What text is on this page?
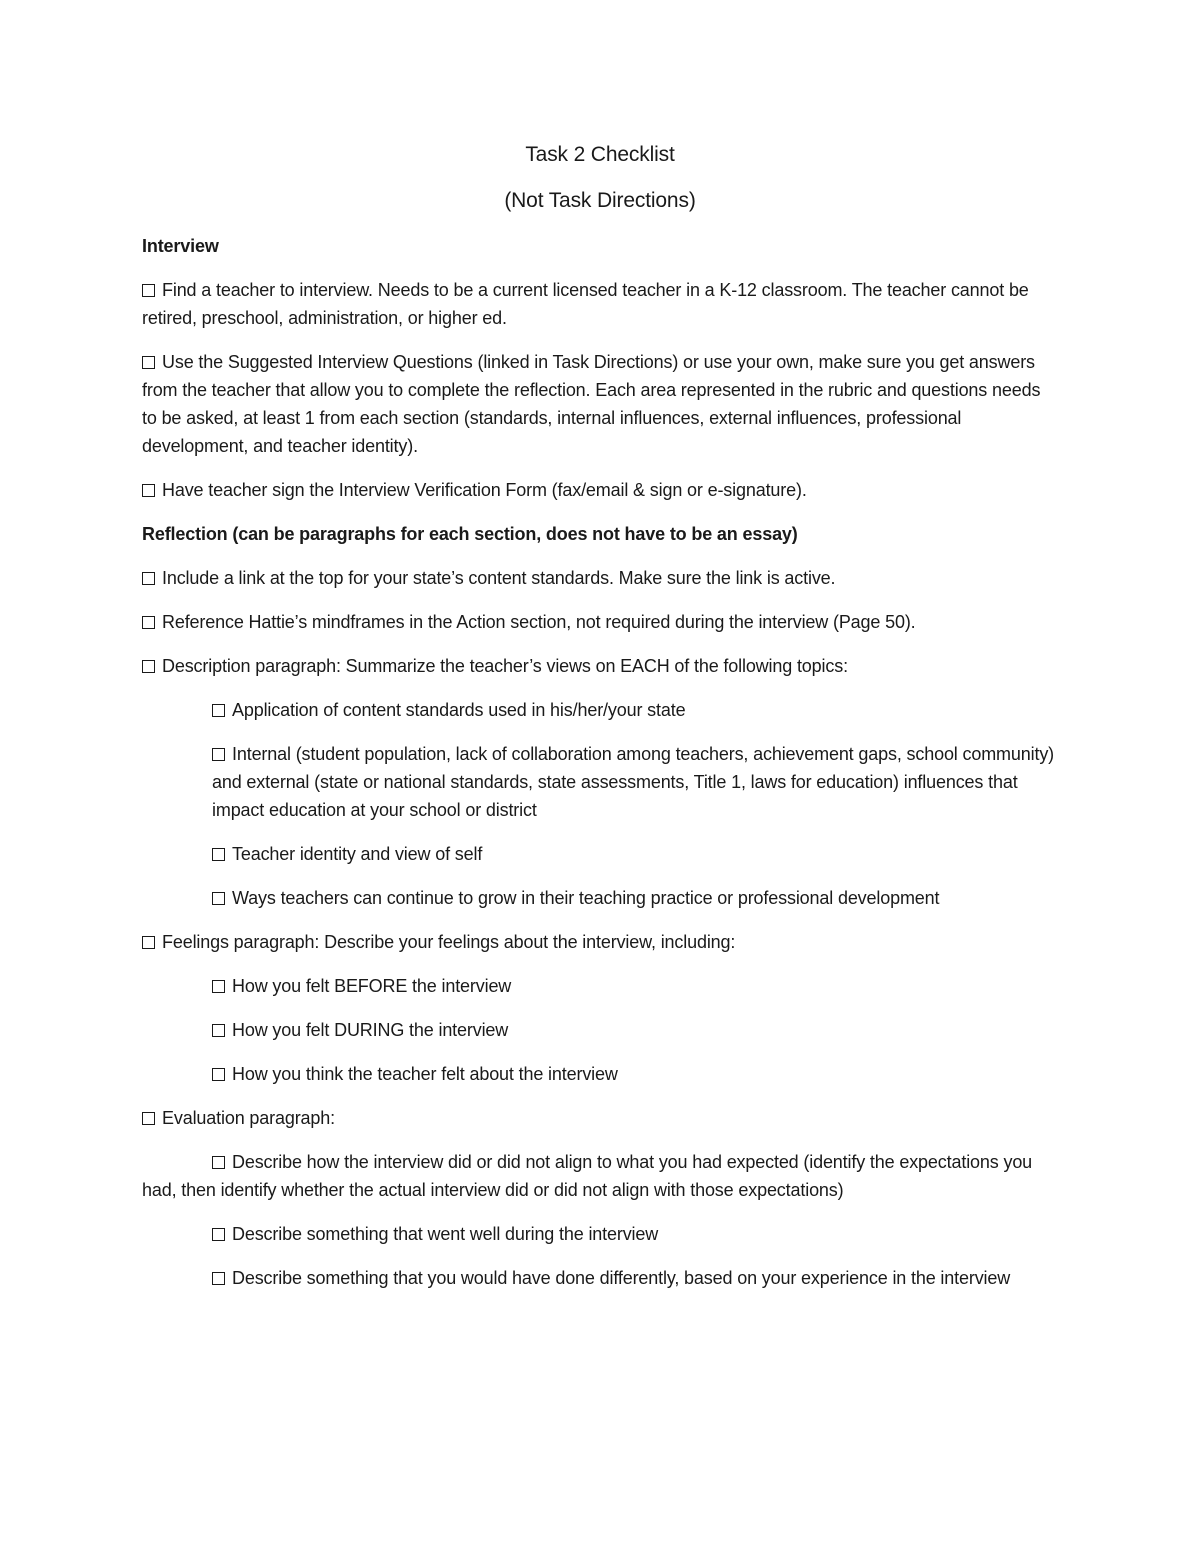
Task 2 Checklist
(Not Task Directions)
Interview
Find a teacher to interview. Needs to be a current licensed teacher in a K-12 classroom. The teacher cannot be retired, preschool, administration, or higher ed.
Use the Suggested Interview Questions (linked in Task Directions) or use your own, make sure you get answers from the teacher that allow you to complete the reflection. Each area represented in the rubric and questions needs to be asked, at least 1 from each section (standards, internal influences, external influences, professional development, and teacher identity).
Have teacher sign the Interview Verification Form (fax/email & sign or e-signature).
Reflection (can be paragraphs for each section, does not have to be an essay)
Include a link at the top for your state’s content standards. Make sure the link is active.
Reference Hattie’s mindframes in the Action section, not required during the interview (Page 50).
Description paragraph: Summarize the teacher’s views on EACH of the following topics:
Application of content standards used in his/her/your state
Internal (student population, lack of collaboration among teachers, achievement gaps, school community) and external (state or national standards, state assessments, Title 1, laws for education) influences that impact education at your school or district
Teacher identity and view of self
Ways teachers can continue to grow in their teaching practice or professional development
Feelings paragraph: Describe your feelings about the interview, including:
How you felt BEFORE the interview
How you felt DURING the interview
How you think the teacher felt about the interview
Evaluation paragraph:
Describe how the interview did or did not align to what you had expected (identify the expectations you had, then identify whether the actual interview did or did not align with those expectations)
Describe something that went well during the interview
Describe something that you would have done differently, based on your experience in the interview
